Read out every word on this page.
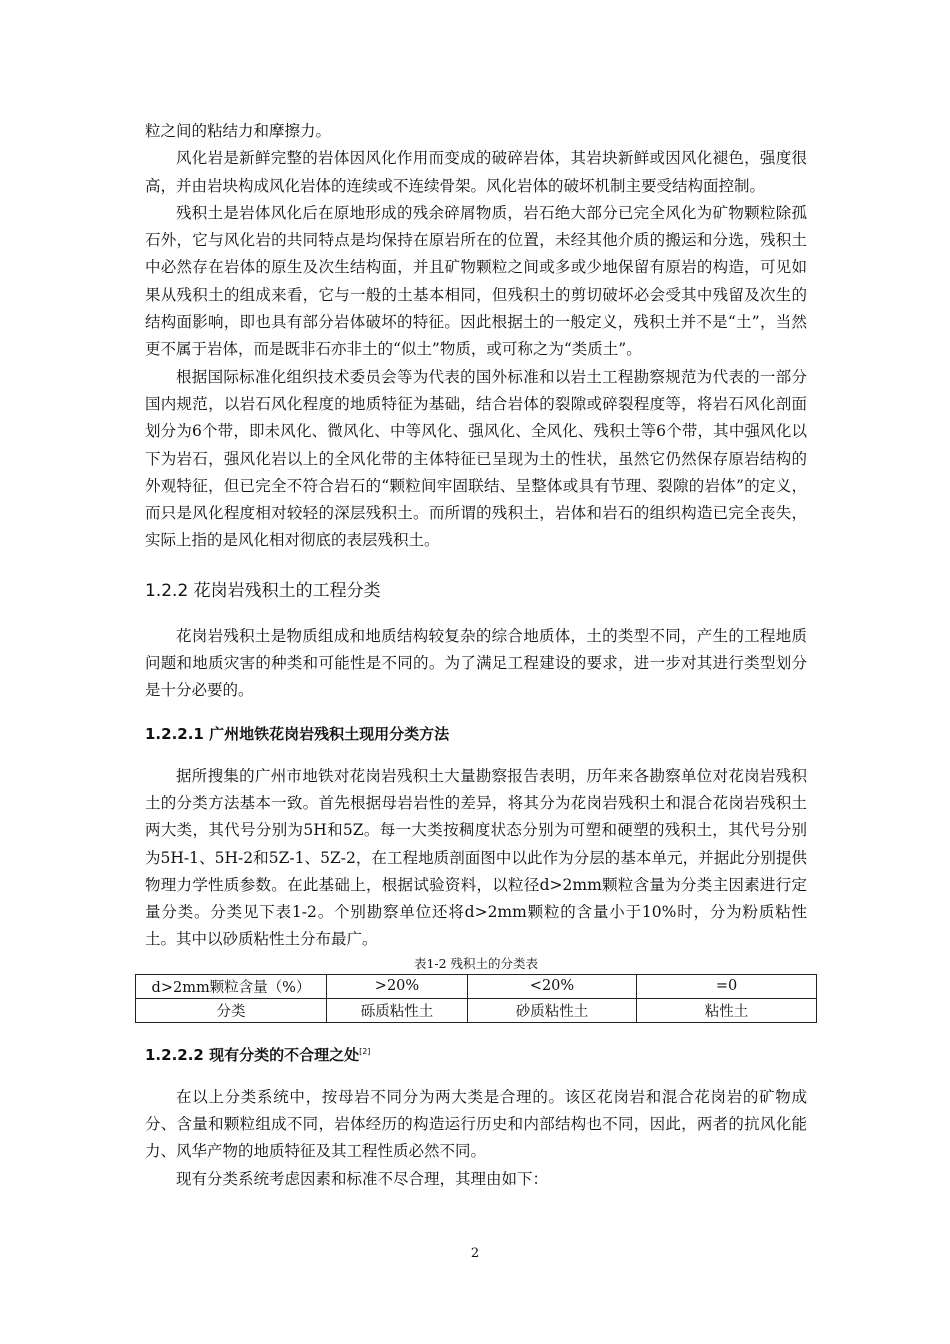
粒之间的粘结力和摩擦力。

风化岩是新鲜完整的岩体因风化作用而变成的破碎岩体，其岩块新鲜或因风化褪色，强度很高，并由岩块构成风化岩体的连续或不连续骨架。风化岩体的破坏机制主要受结构面控制。

残积土是岩体风化后在原地形成的残余碎屑物质，岩石绝大部分已完全风化为矿物颗粒除孤石外，它与风化岩的共同特点是均保持在原岩所在的位置，未经其他介质的搬运和分选，残积土中必然存在岩体的原生及次生结构面，并且矿物颗粒之间或多或少地保留有原岩的构造，可见如果从残积土的组成来看，它与一般的土基本相同，但残积土的剪切破坏必会受其中残留及次生的结构面影响，即也具有部分岩体破坏的特征。因此根据土的一般定义，残积土并不是“土”，当然更不属于岩体，而是既非石亦非土的“似土”物质，或可称之为“类质土”。

根据国际标准化组织技术委员会等为代表的国外标准和以岩土工程勘察规范为代表的一部分国内规范，以岩石风化程度的地质特征为基础，结合岩体的裂隙或碎裂程度等，将岩石风化剖面划分为6个带，即未风化、微风化、中等风化、强风化、全风化、残积土等6个带，其中强风化以下为岩石，强风化岩以上的全风化带的主体特征已呈现为土的性状，虽然它仍然保存原岩结构的外观特征，但已完全不符合岩石的“颗粒间牢固联结、呈整体或具有节理、裂隙的岩体”的定义，而只是风化程度相对较轻的深层残积土。而所谓的残积土，岩体和岩石的组织构造已完全丧失，实际上指的是风化相对彻底的表层残积土。

1.2.2 花岗岩残积土的工程分类

花岗岩残积土是物质组成和地质结构较复杂的综合地质体，土的类型不同，产生的工程地质问题和地质灾害的种类和可能性是不同的。为了满足工程建设的要求，进一步对其进行类型划分是十分必要的。

1.2.2.1 广州地铁花岗岩残积土现用分类方法

据所搜集的广州市地铁对花岗岩残积土大量勘察报告表明，历年来各勘察单位对花岗岩残积土的分类方法基本一致。首先根据母岩岩性的差异，将其分为花岗岩残积土和混合花岗岩残积土两大类，其代号分别为5H和5Z。每一大类按稠度状态分别为可塑和硬塑的残积土，其代号分别为5H-1、5H-2和5Z-1、5Z-2，在工程地质剖面图中以此作为分层的基本单元，并据此分别提供物理力学性质参数。在此基础上，根据试验资料，以粒径d>2mm颗粒含量为分类主因素进行定量分类。分类见下表1-2。个别勘察单位还将d>2mm颗粒的含量小于10%时，分为粉质粘性土。其中以砂质粘性土分布最广。

表1-2 残积土的分类表
d>2mm颗粒含量（%）	>20%	<20%	=0
分类	砾质粘性土	砂质粘性土	粘性土
1.2.2.2 现有分类的不合理之处[2]

在以上分类系统中，按母岩不同分为两大类是合理的。该区花岗岩和混合花岗岩的矿物成分、含量和颗粒组成不同，岩体经历的构造运行历史和内部结构也不同，因此，两者的抗风化能力、风华产物的地质特征及其工程性质必然不同。

现有分类系统考虑因素和标准不尽合理，其理由如下：

2
